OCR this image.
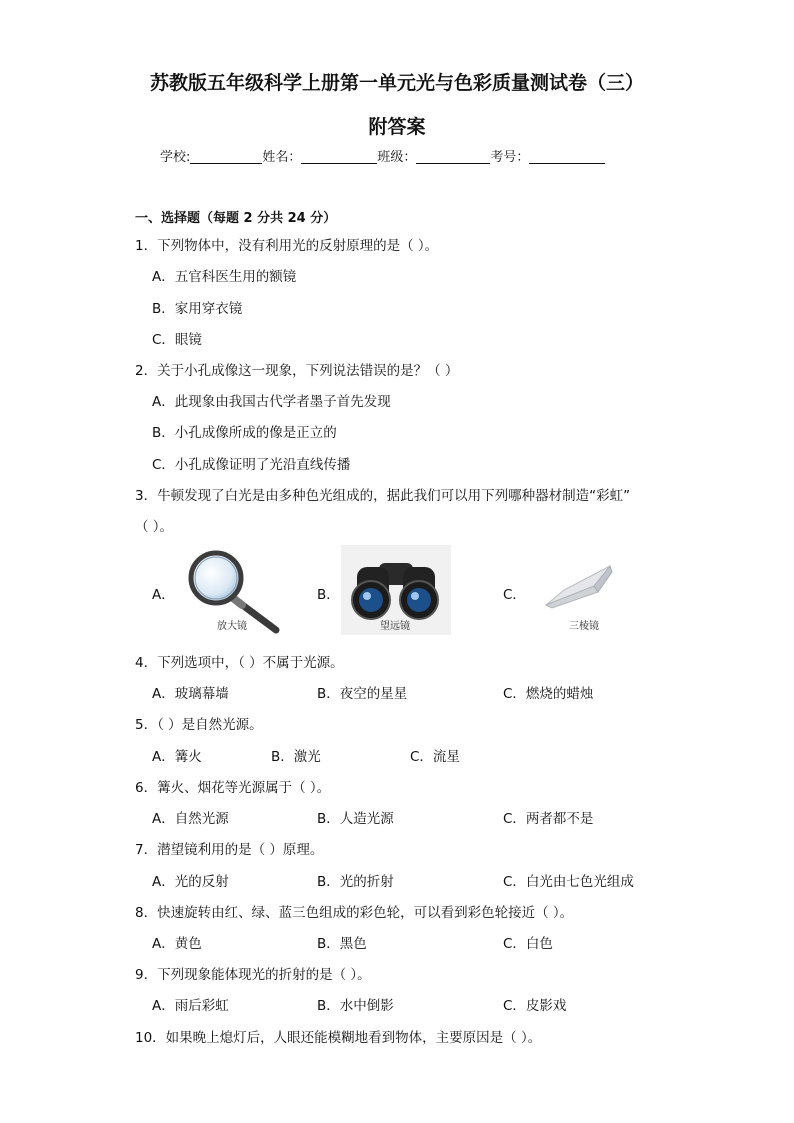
苏教版五年级科学上册第一单元光与色彩质量测试卷（三）
附答案
学校:	姓名：	班级：	考号：
一、选择题（每题 2 分共 24 分）
1．下列物体中，没有利用光的反射原理的是（ ）。
A．五官科医生用的额镜
B．家用穿衣镜
C．眼镜
2．关于小孔成像这一现象，下列说法错误的是？（ ）
A．此现象由我国古代学者墨子首先发现
B．小孔成像所成的像是正立的
C．小孔成像证明了光沿直线传播
3．牛顿发现了白光是由多种色光组成的，据此我们可以用下列哪种器材制造“彩虹”
（ ）。
A．
放大镜
B．
望远镜
C．
三棱镜
4．下列选项中，（ ）不属于光源。
A．玻璃幕墙	B．夜空的星星	C．燃烧的蜡烛
5．（ ）是自然光源。
A．篝火	B．激光	C．流星
6．篝火、烟花等光源属于（ ）。
A．自然光源	B．人造光源	C．两者都不是
7．潜望镜利用的是（ ）原理。
A．光的反射	B．光的折射	C．白光由七色光组成
8．快速旋转由红、绿、蓝三色组成的彩色轮，可以看到彩色轮接近（ ）。
A．黄色	B．黑色	C．白色
9．下列现象能体现光的折射的是（ ）。
A．雨后彩虹	B．水中倒影	C．皮影戏
10．如果晚上熄灯后，人眼还能模糊地看到物体，主要原因是（ ）。
